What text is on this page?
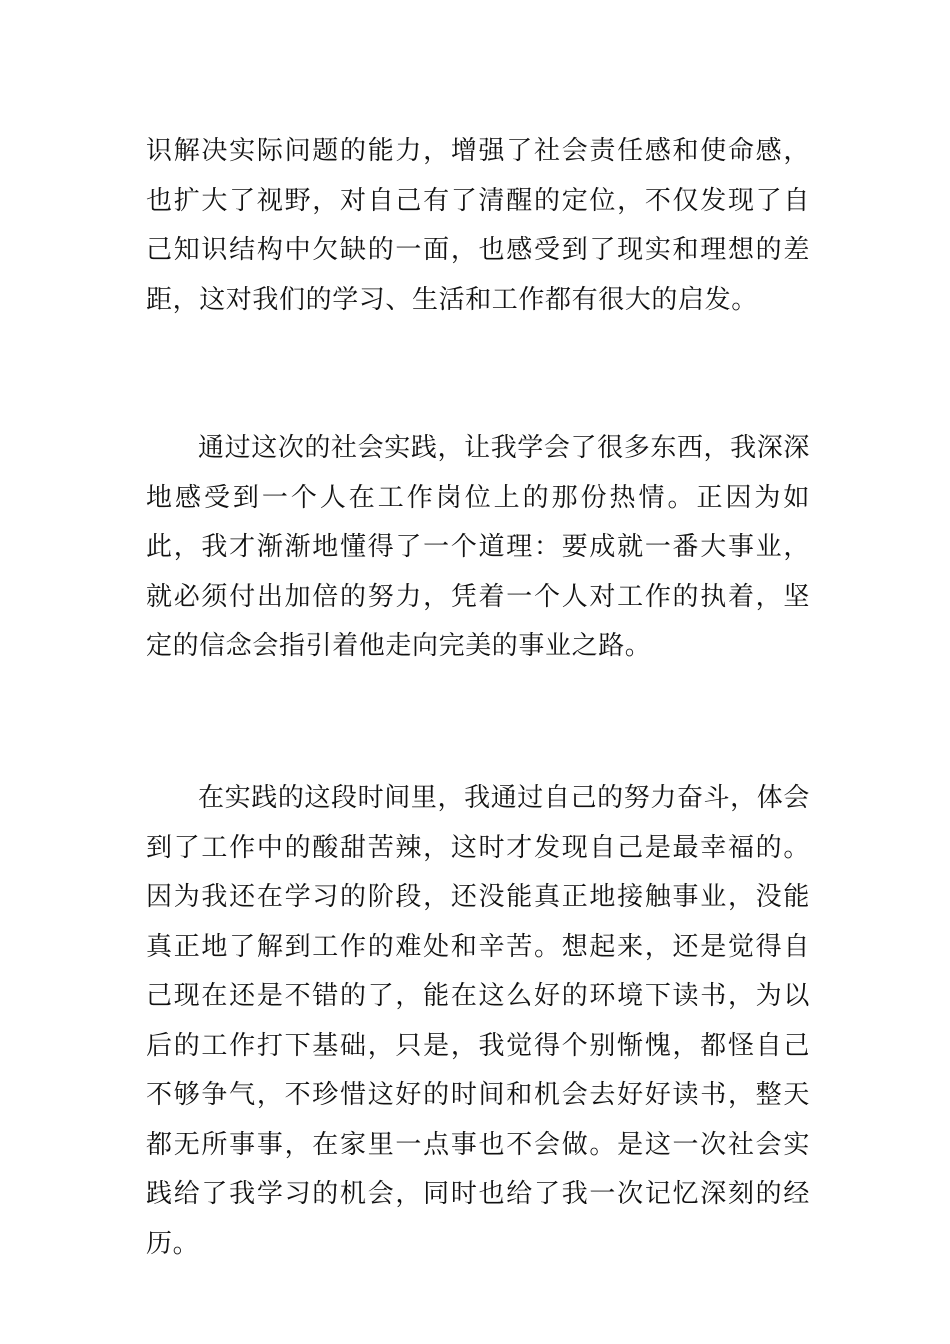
识解决实际问题的能力，增强了社会责任感和使命感，也扩大了视野，对自己有了清醒的定位，不仅发现了自己知识结构中欠缺的一面，也感受到了现实和理想的差距，这对我们的学习、生活和工作都有很大的启发。

通过这次的社会实践，让我学会了很多东西，我深深地感受到一个人在工作岗位上的那份热情。正因为如此，我才渐渐地懂得了一个道理：要成就一番大事业，就必须付出加倍的努力，凭着一个人对工作的执着，坚定的信念会指引着他走向完美的事业之路。

在实践的这段时间里，我通过自己的努力奋斗，体会到了工作中的酸甜苦辣，这时才发现自己是最幸福的。因为我还在学习的阶段，还没能真正地接触事业，没能真正地了解到工作的难处和辛苦。想起来，还是觉得自己现在还是不错的了，能在这么好的环境下读书，为以后的工作打下基础，只是，我觉得个别惭愧，都怪自己不够争气，不珍惜这好的时间和机会去好好读书，整天都无所事事，在家里一点事也不会做。是这一次社会实践给了我学习的机会，同时也给了我一次记忆深刻的经历。
